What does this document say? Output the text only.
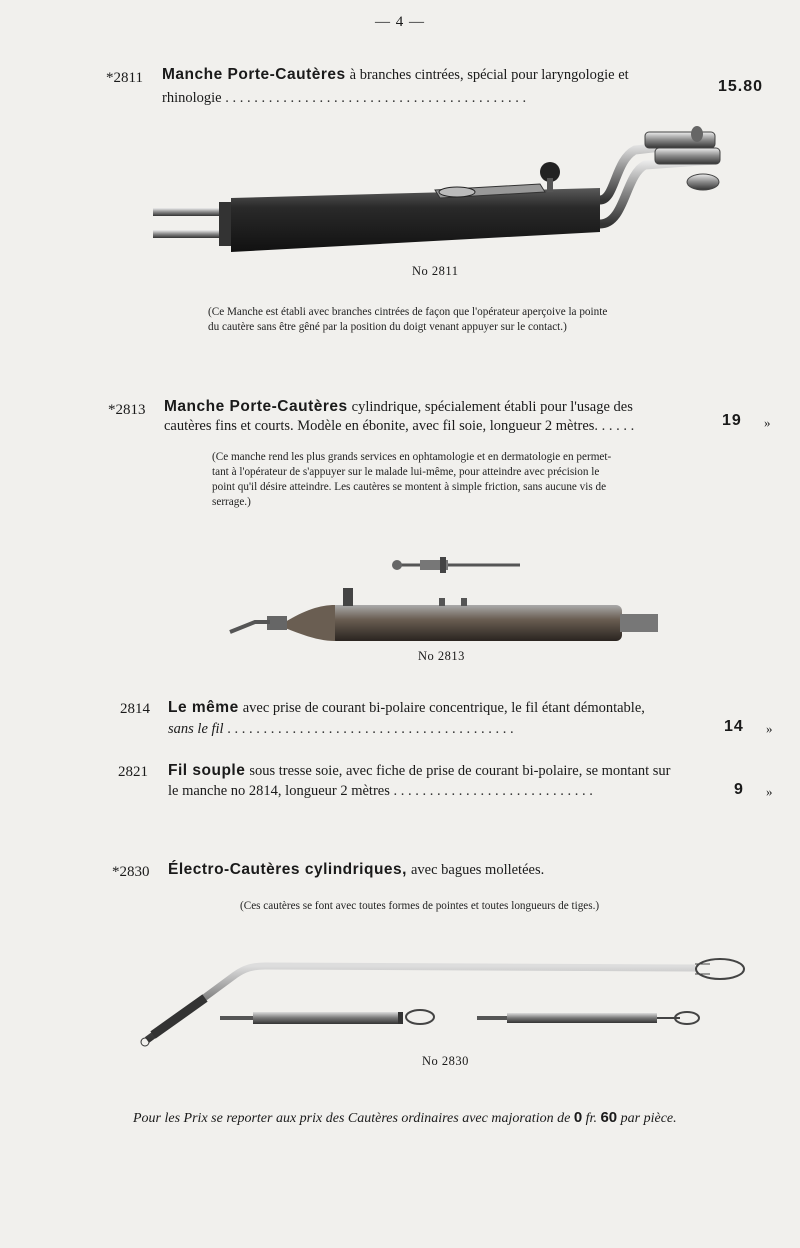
— 4 —
*2811 Manche Porte‑Cautères à branches cintrées, spécial pour laryngologie et
rhinologie . . . . . . . . . . . . . . . . . . . . . . . . . . . . . . . . . . . . . . . . . .
15.80
No 2811
(Ce Manche est établi avec branches cintrées de façon que l'opérateur aperçoive la pointe
du cautère sans être gêné par la position du doigt venant appuyer sur le contact.)
*2813 Manche Porte‑Cautères cylindrique, spécialement établi pour l'usage des
cautères fins et courts. Modèle en ébonite, avec fil soie, longueur 2 mètres. . . . . .	19 »
(Ce manche rend les plus grands services en ophtamologie et en dermatologie en permet-
tant à l'opérateur de s'appuyer sur le malade lui-même, pour atteindre avec précision le
point qu'il désire atteindre. Les cautères se montent à simple friction, sans aucune vis de
serrage.)
No 2813
2814 Le même avec prise de courant bi-polaire concentrique, le fil étant démontable,
sans le fil . . . . . . . . . . . . . . . . . . . . . . . . . . . . . . . . . . . . . . . .	14 »
2821 Fil souple sous tresse soie, avec fiche de prise de courant bi-polaire, se montant sur
le manche no 2814, longueur 2 mètres . . . . . . . . . . . . . . . . . . . . . . . . . . . .	9 »
*2830 Électro‑Cautères cylindriques, avec bagues molletées.
(Ces cautères se font avec toutes formes de pointes et toutes longueurs de tiges.)
No 2830
Pour les Prix se reporter aux prix des Cautères ordinaires avec majoration de 0 fr. 60 par pièce.
